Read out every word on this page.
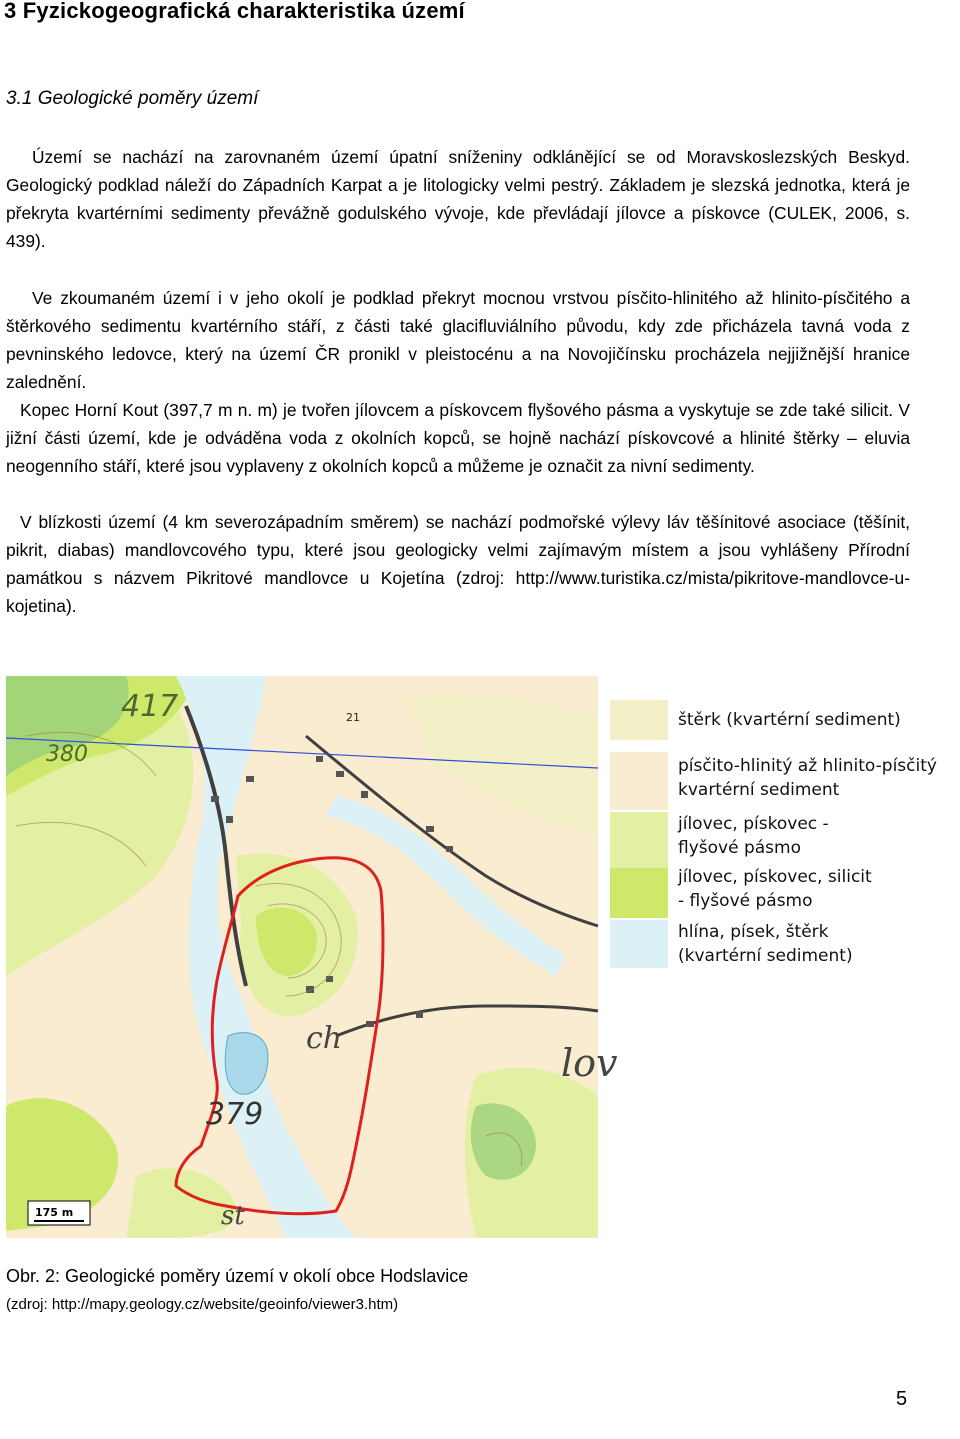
3 Fyzickogeografická charakteristika území
3.1 Geologické poměry území

Území se nachází na zarovnaném území úpatní sníženiny odklánějící se od Moravskoslezských Beskyd. Geologický podklad náleží do Západních Karpat a je litologicky velmi pestrý. Základem je slezská jednotka, která je překryta kvartérními sedimenty převážně godulského vývoje, kde převládají jílovce a pískovce (CULEK, 2006, s. 439).

Ve zkoumaném území i v jeho okolí je podklad překryt mocnou vrstvou písčito-hlinitého až hlinito-písčitého a štěrkového sedimentu kvartérního stáří, z části také glacifluviálního původu, kdy zde přicházela tavná voda z pevninského ledovce, který na území ČR pronikl v pleistocénu a na Novojičínsku procházela nejjižnější hranice zalednění.

Kopec Horní Kout (397,7 m n. m) je tvořen jílovcem a pískovcem flyšového pásma a vyskytuje se zde také silicit. V jižní části území, kde je odváděna voda z okolních kopců, se hojně nachází pískovcové a hlinité štěrky – eluvia neogenního stáří, které jsou vyplaveny z okolních kopců a můžeme je označit za nivní sedimenty.

V blízkosti území (4 km severozápadním směrem) se nachází podmořské výlevy láv těšínitové asociace (těšínit, pikrit, diabas) mandlovcového typu, které jsou geologicky velmi zajímavým místem a jsou vyhlášeny Přírodní památkou s názvem Pikritové mandlovce u Kojetína (zdroj: http://www.turistika.cz/mista/pikritove-mandlovce-u-kojetina).

417
380
379
21
lov
ch
st
175 m
štěrk (kvartérní sediment)
písčito-hlinitý až hlinito-písčitý kvartérní sediment
jílovec, pískovec - flyšové pásmo
jílovec, pískovec, silicit - flyšové pásmo
hlína, písek, štěrk (kvartérní sediment)

Obr. 2: Geologické poměry území v okolí obce Hodslavice

(zdroj: http://mapy.geology.cz/website/geoinfo/viewer3.htm)

5
